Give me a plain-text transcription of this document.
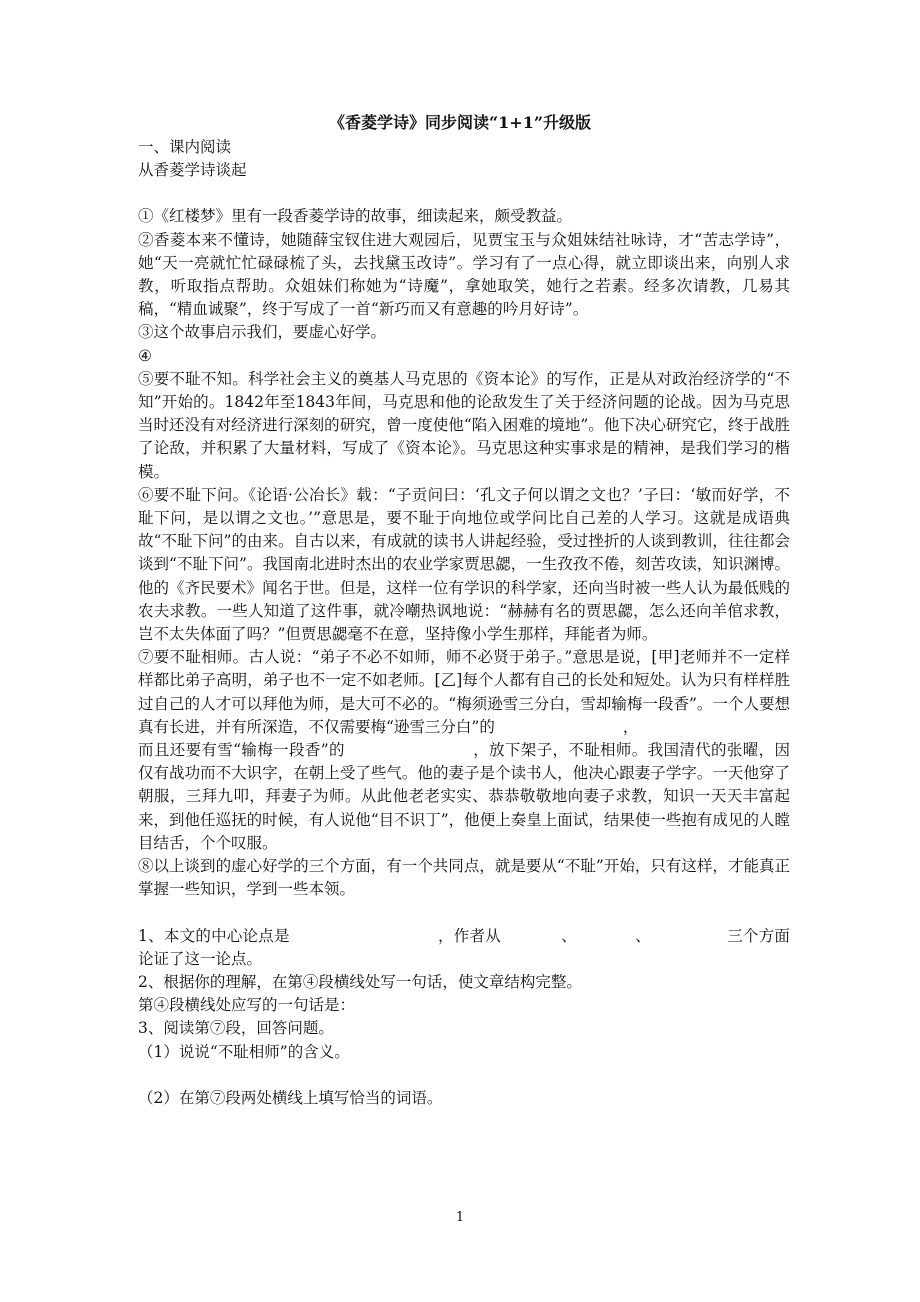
《香菱学诗》同步阅读“1+1”升级版

一、课内阅读

从香菱学诗谈起

①《红楼梦》里有一段香菱学诗的故事，细读起来，颇受教益。

②香菱本来不懂诗，她随薛宝钗住进大观园后，见贾宝玉与众姐妹结社咏诗，才“苦志学诗”，她“天一亮就忙忙碌碌梳了头，去找黛玉改诗”。学习有了一点心得，就立即谈出来，向别人求教，听取指点帮助。众姐妹们称她为“诗魔”，拿她取笑，她行之若素。经多次请教，几易其稿，“精血诚聚”，终于写成了一首“新巧而又有意趣的吟月好诗”。

③这个故事启示我们，要虚心好学。

④

⑤要不耻不知。科学社会主义的奠基人马克思的《资本论》的写作，正是从对政治经济学的“不知”开始的。1842年至1843年间，马克思和他的论敌发生了关于经济问题的论战。因为马克思当时还没有对经济进行深刻的研究，曾一度使他“陷入困难的境地”。他下决心研究它，终于战胜了论敌，并积累了大量材料，写成了《资本论》。马克思这种实事求是的精神，是我们学习的楷模。

⑥要不耻下问。《论语·公冶长》载：“子贡问曰：‘孔文子何以谓之文也？’子曰：‘敏而好学，不耻下问，是以谓之文也。’”意思是，要不耻于向地位或学问比自己差的人学习。这就是成语典故“不耻下问”的由来。自古以来，有成就的读书人讲起经验，受过挫折的人谈到教训，往往都会谈到“不耻下问”。我国南北进时杰出的农业学家贾思勰，一生孜孜不倦，刻苦攻读，知识渊博。他的《齐民要术》闻名于世。但是，这样一位有学识的科学家，还向当时被一些人认为最低贱的农夫求教。一些人知道了这件事，就冷嘲热讽地说：“赫赫有名的贾思勰，怎么还向羊倌求教，岂不太失体面了吗？”但贾思勰毫不在意，坚持像小学生那样，拜能者为师。

⑦要不耻相师。古人说：“弟子不必不如师，师不必贤于弟子。”意思是说，[甲]老师并不一定样样都比弟子高明，弟子也不一定不如老师。[乙]每个人都有自己的长处和短处。认为只有样样胜过自己的人才可以拜他为师，是大可不必的。“梅须逊雪三分白，雪却输梅一段香”。一个人要想真有长进，并有所深造，不仅需要梅“逊雪三分白”的	，
而且还要有雪“输梅一段香”的	，放下架子，不耻相师。我国清代的张曜，因仅有战功而不大识字，在朝上受了些气。他的妻子是个读书人，他决心跟妻子学字。一天他穿了朝服，三拜九叩，拜妻子为师。从此他老老实实、恭恭敬敬地向妻子求教，知识一天天丰富起来，到他任巡抚的时候，有人说他“目不识丁”，他便上奏皇上面试，结果使一些抱有成见的人瞠目结舌，个个叹服。

⑧以上谈到的虚心好学的三个方面，有一个共同点，就是要从“不耻”开始，只有这样，才能真正掌握一些知识，学到一些本领。

1、本文的中心论点是	，作者从	、	、	三个方面

论证了这一论点。

2、根据你的理解，在第④段横线处写一句话，使文章结构完整。

第④段横线处应写的一句话是：

3、阅读第⑦段，回答问题。

（1）说说“不耻相师”的含义。

（2）在第⑦段两处横线上填写恰当的词语。

1
